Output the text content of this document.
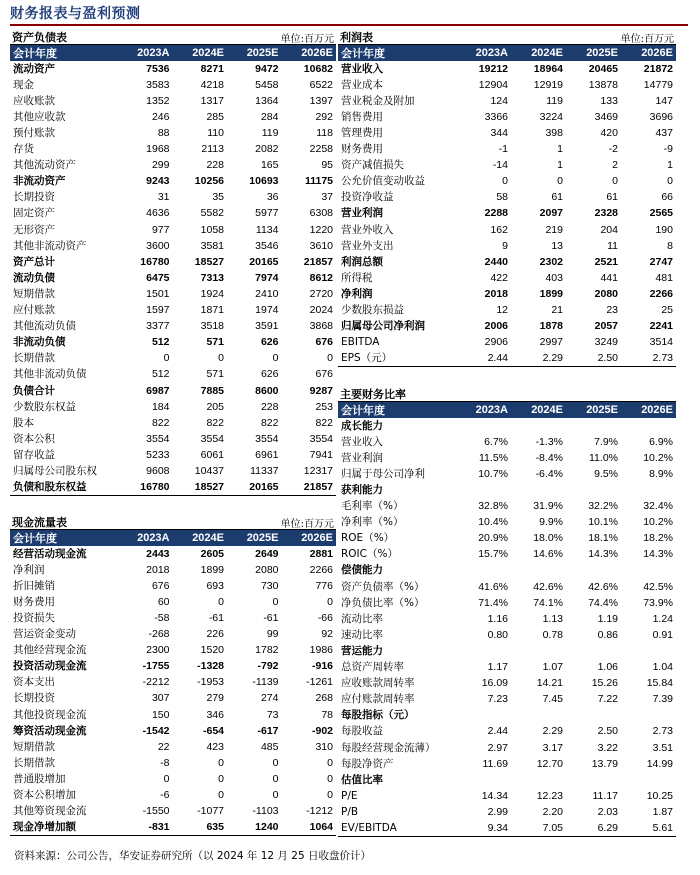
财务报表与盈利预测
资产负债表	单位:百万元
会计年度	2023A	2024E	2025E	2026E
流动资产	7536	8271	9472	10682
现金	3583	4218	5458	6522
应收账款	1352	1317	1364	1397
其他应收款	246	285	284	292
预付账款	88	110	119	118
存货	1968	2113	2082	2258
其他流动资产	299	228	165	95
非流动资产	9243	10256	10693	11175
长期投资	31	35	36	37
固定资产	4636	5582	5977	6308
无形资产	977	1058	1134	1220
其他非流动资产	3600	3581	3546	3610
资产总计	16780	18527	20165	21857
流动负债	6475	7313	7974	8612
短期借款	1501	1924	2410	2720
应付账款	1597	1871	1974	2024
其他流动负债	3377	3518	3591	3868
非流动负债	512	571	626	676
长期借款	0	0	0	0
其他非流动负债	512	571	626	676
负债合计	6987	7885	8600	9287
少数股东权益	184	205	228	253
股本	822	822	822	822
资本公积	3554	3554	3554	3554
留存收益	5233	6061	6961	7941
归属母公司股东权	9608	10437	11337	12317
负债和股东权益	16780	18527	20165	21857
利润表	单位:百万元
会计年度	2023A	2024E	2025E	2026E
营业收入	19212	18964	20465	21872
营业成本	12904	12919	13878	14779
营业税金及附加	124	119	133	147
销售费用	3366	3224	3469	3696
管理费用	344	398	420	437
财务费用	-1	1	-2	-9
资产减值损失	-14	1	2	1
公允价值变动收益	0	0	0	0
投资净收益	58	61	61	66
营业利润	2288	2097	2328	2565
营业外收入	162	219	204	190
营业外支出	9	13	11	8
利润总额	2440	2302	2521	2747
所得税	422	403	441	481
净利润	2018	1899	2080	2266
少数股东损益	12	21	23	25
归属母公司净利润	2006	1878	2057	2241
EBITDA	2906	2997	3249	3514
EPS（元）	2.44	2.29	2.50	2.73
主要财务比率
会计年度	2023A	2024E	2025E	2026E
成长能力				
营业收入	6.7%	-1.3%	7.9%	6.9%
营业利润	11.5%	-8.4%	11.0%	10.2%
归属于母公司净利	10.7%	-6.4%	9.5%	8.9%
获利能力				
毛利率（%）	32.8%	31.9%	32.2%	32.4%
净利率（%）	10.4%	9.9%	10.1%	10.2%
ROE（%）	20.9%	18.0%	18.1%	18.2%
ROIC（%）	15.7%	14.6%	14.3%	14.3%
偿债能力				
资产负债率（%）	41.6%	42.6%	42.6%	42.5%
净负债比率（%）	71.4%	74.1%	74.4%	73.9%
流动比率	1.16	1.13	1.19	1.24
速动比率	0.80	0.78	0.86	0.91
营运能力				
总资产周转率	1.17	1.07	1.06	1.04
应收账款周转率	16.09	14.21	15.26	15.84
应付账款周转率	7.23	7.45	7.22	7.39
每股指标（元）				
每股收益	2.44	2.29	2.50	2.73
每股经营现金流薄）	2.97	3.17	3.22	3.51
每股净资产	11.69	12.70	13.79	14.99
估值比率				
P/E	14.34	12.23	11.17	10.25
P/B	2.99	2.20	2.03	1.87
EV/EBITDA	9.34	7.05	6.29	5.61
现金流量表	单位:百万元
会计年度	2023A	2024E	2025E	2026E
经营活动现金流	2443	2605	2649	2881
净利润	2018	1899	2080	2266
折旧摊销	676	693	730	776
财务费用	60	0	0	0
投资损失	-58	-61	-61	-66
营运资金变动	-268	226	99	92
其他经营现金流	2300	1520	1782	1986
投资活动现金流	-1755	-1328	-792	-916
资本支出	-2212	-1953	-1139	-1261
长期投资	307	279	274	268
其他投资现金流	150	346	73	78
筹资活动现金流	-1542	-654	-617	-902
短期借款	22	423	485	310
长期借款	-8	0	0	0
普通股增加	0	0	0	0
资本公积增加	-6	0	0	0
其他筹资现金流	-1550	-1077	-1103	-1212
现金净增加额	-831	635	1240	1064
资料来源：公司公告，华安证券研究所（以 2024 年 12 月 25 日收盘价计）
